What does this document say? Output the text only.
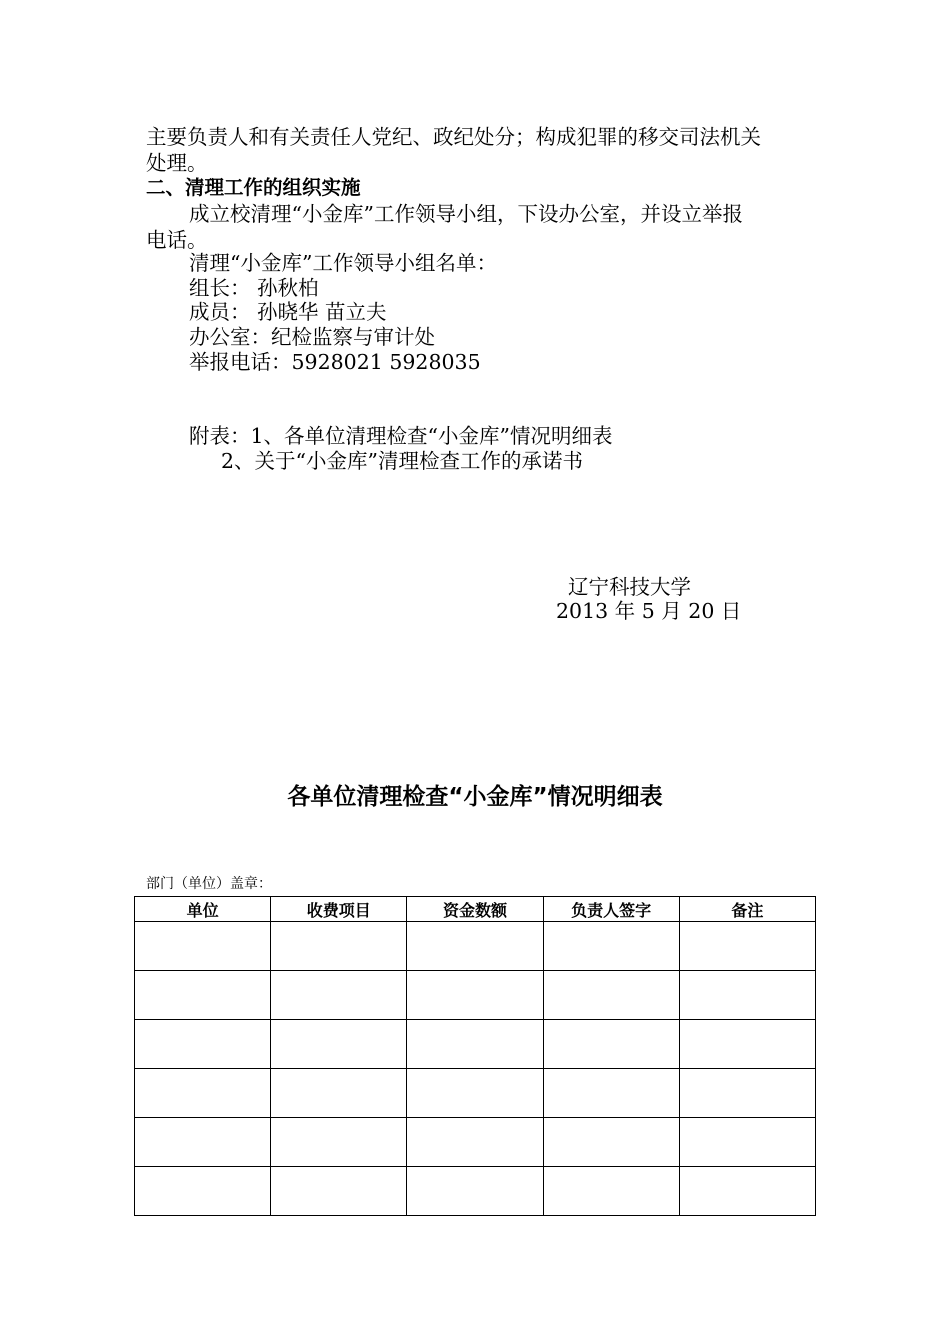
主要负责人和有关责任人党纪、政纪处分；构成犯罪的移交司法机关
处理。
二、清理工作的组织实施
成立校清理“小金库”工作领导小组，下设办公室，并设立举报
电话。
清理“小金库”工作领导小组名单：
组长： 孙秋柏
成员： 孙晓华 苗立夫
办公室：纪检监察与审计处
举报电话：5928021 5928035
附表：1、各单位清理检查“小金库”情况明细表
2、关于“小金库”清理检查工作的承诺书
辽宁科技大学
2013 年 5 月 20 日
各单位清理检查“小金库”情况明细表
部门（单位）盖章：
单位	收费项目	资金数额	负责人签字	备注
